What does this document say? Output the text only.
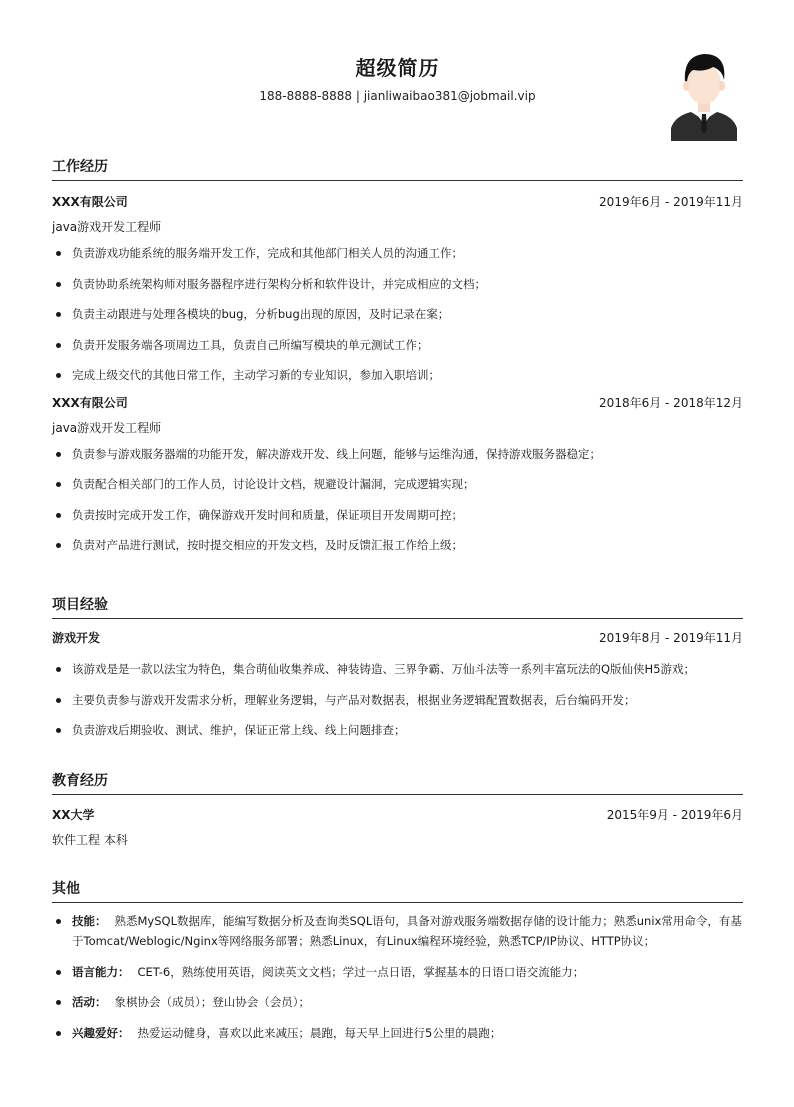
超级简历
188-8888-8888 | jianliwaibao381@jobmail.vip
工作经历
XXX有限公司	2019年6月 - 2019年11月
java游戏开发工程师
负责游戏功能系统的服务端开发工作，完成和其他部门相关人员的沟通工作；
负责协助系统架构师对服务器程序进行架构分析和软件设计，并完成相应的文档；
负责主动跟进与处理各模块的bug，分析bug出现的原因，及时记录在案；
负责开发服务端各项周边工具，负责自己所编写模块的单元测试工作；
完成上级交代的其他日常工作，主动学习新的专业知识，参加入职培训；
XXX有限公司	2018年6月 - 2018年12月
java游戏开发工程师
负责参与游戏服务器端的功能开发，解决游戏开发、线上问题，能够与运维沟通，保持游戏服务器稳定；
负责配合相关部门的工作人员，讨论设计文档，规避设计漏洞，完成逻辑实现；
负责按时完成开发工作，确保游戏开发时间和质量，保证项目开发周期可控；
负责对产品进行测试，按时提交相应的开发文档，及时反馈汇报工作给上级；
项目经验
游戏开发	2019年8月 - 2019年11月
该游戏是是一款以法宝为特色，集合萌仙收集养成、神装铸造、三界争霸、万仙斗法等一系列丰富玩法的Q版仙侠H5游戏；
主要负责参与游戏开发需求分析，理解业务逻辑，与产品对数据表，根据业务逻辑配置数据表，后台编码开发；
负责游戏后期验收、测试、维护，保证正常上线、线上问题排查；
教育经历
XX大学	2015年9月 - 2019年6月
软件工程 本科
其他
技能： 熟悉MySQL数据库，能编写数据分析及查询类SQL语句，具备对游戏服务端数据存储的设计能力；熟悉unix常用命令，有基于Tomcat/Weblogic/Nginx等网络服务部署；熟悉Linux，有Linux编程环境经验，熟悉TCP/IP协议、HTTP协议；
语言能力： CET-6，熟练使用英语，阅读英文文档；学过一点日语，掌握基本的日语口语交流能力；
活动： 象棋协会（成员）；登山协会（会员）；
兴趣爱好： 热爱运动健身，喜欢以此来减压；晨跑，每天早上回进行5公里的晨跑；
